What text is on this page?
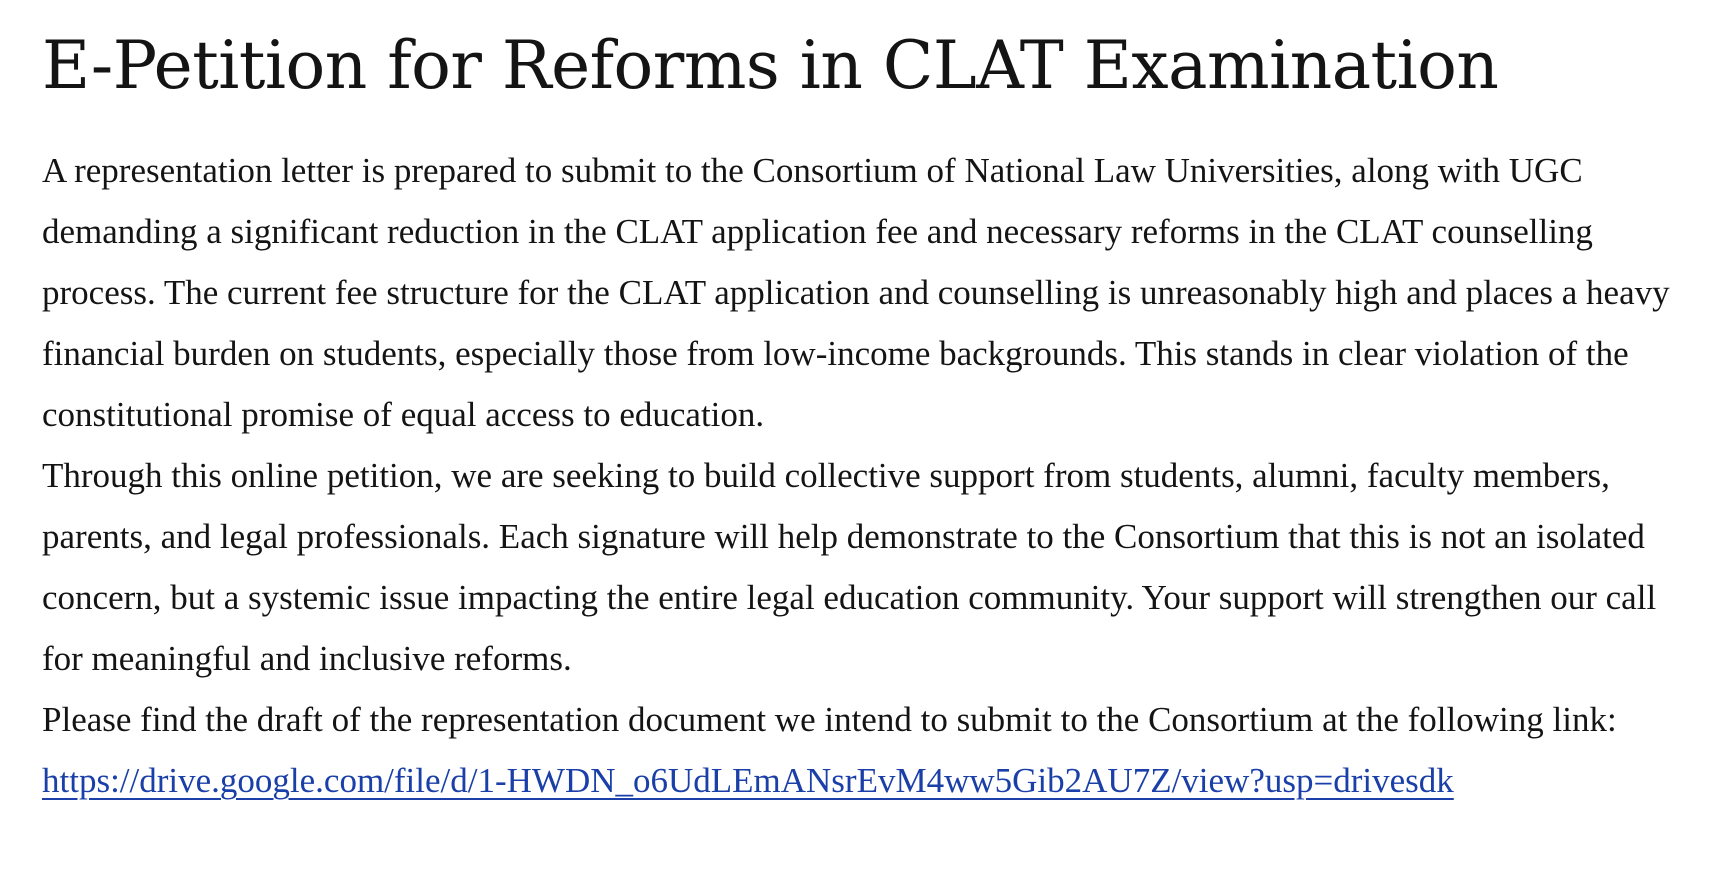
E-Petition for Reforms in CLAT Examination

A representation letter is prepared to submit to the Consortium of National Law Universities, along with UGC demanding a significant reduction in the CLAT application fee and necessary reforms in the CLAT counselling process. The current fee structure for the CLAT application and counselling is unreasonably high and places a heavy financial burden on students, especially those from low-income backgrounds. This stands in clear violation of the constitutional promise of equal access to education.

Through this online petition, we are seeking to build collective support from students, alumni, faculty members, parents, and legal professionals. Each signature will help demonstrate to the Consortium that this is not an isolated concern, but a systemic issue impacting the entire legal education community. Your support will strengthen our call for meaningful and inclusive reforms.

Please find the draft of the representation document we intend to submit to the Consortium at the following link:

https://drive.google.com/file/d/1-HWDN_o6UdLEmANsrEvM4ww5Gib2AU7Z/view?usp=drivesdk
